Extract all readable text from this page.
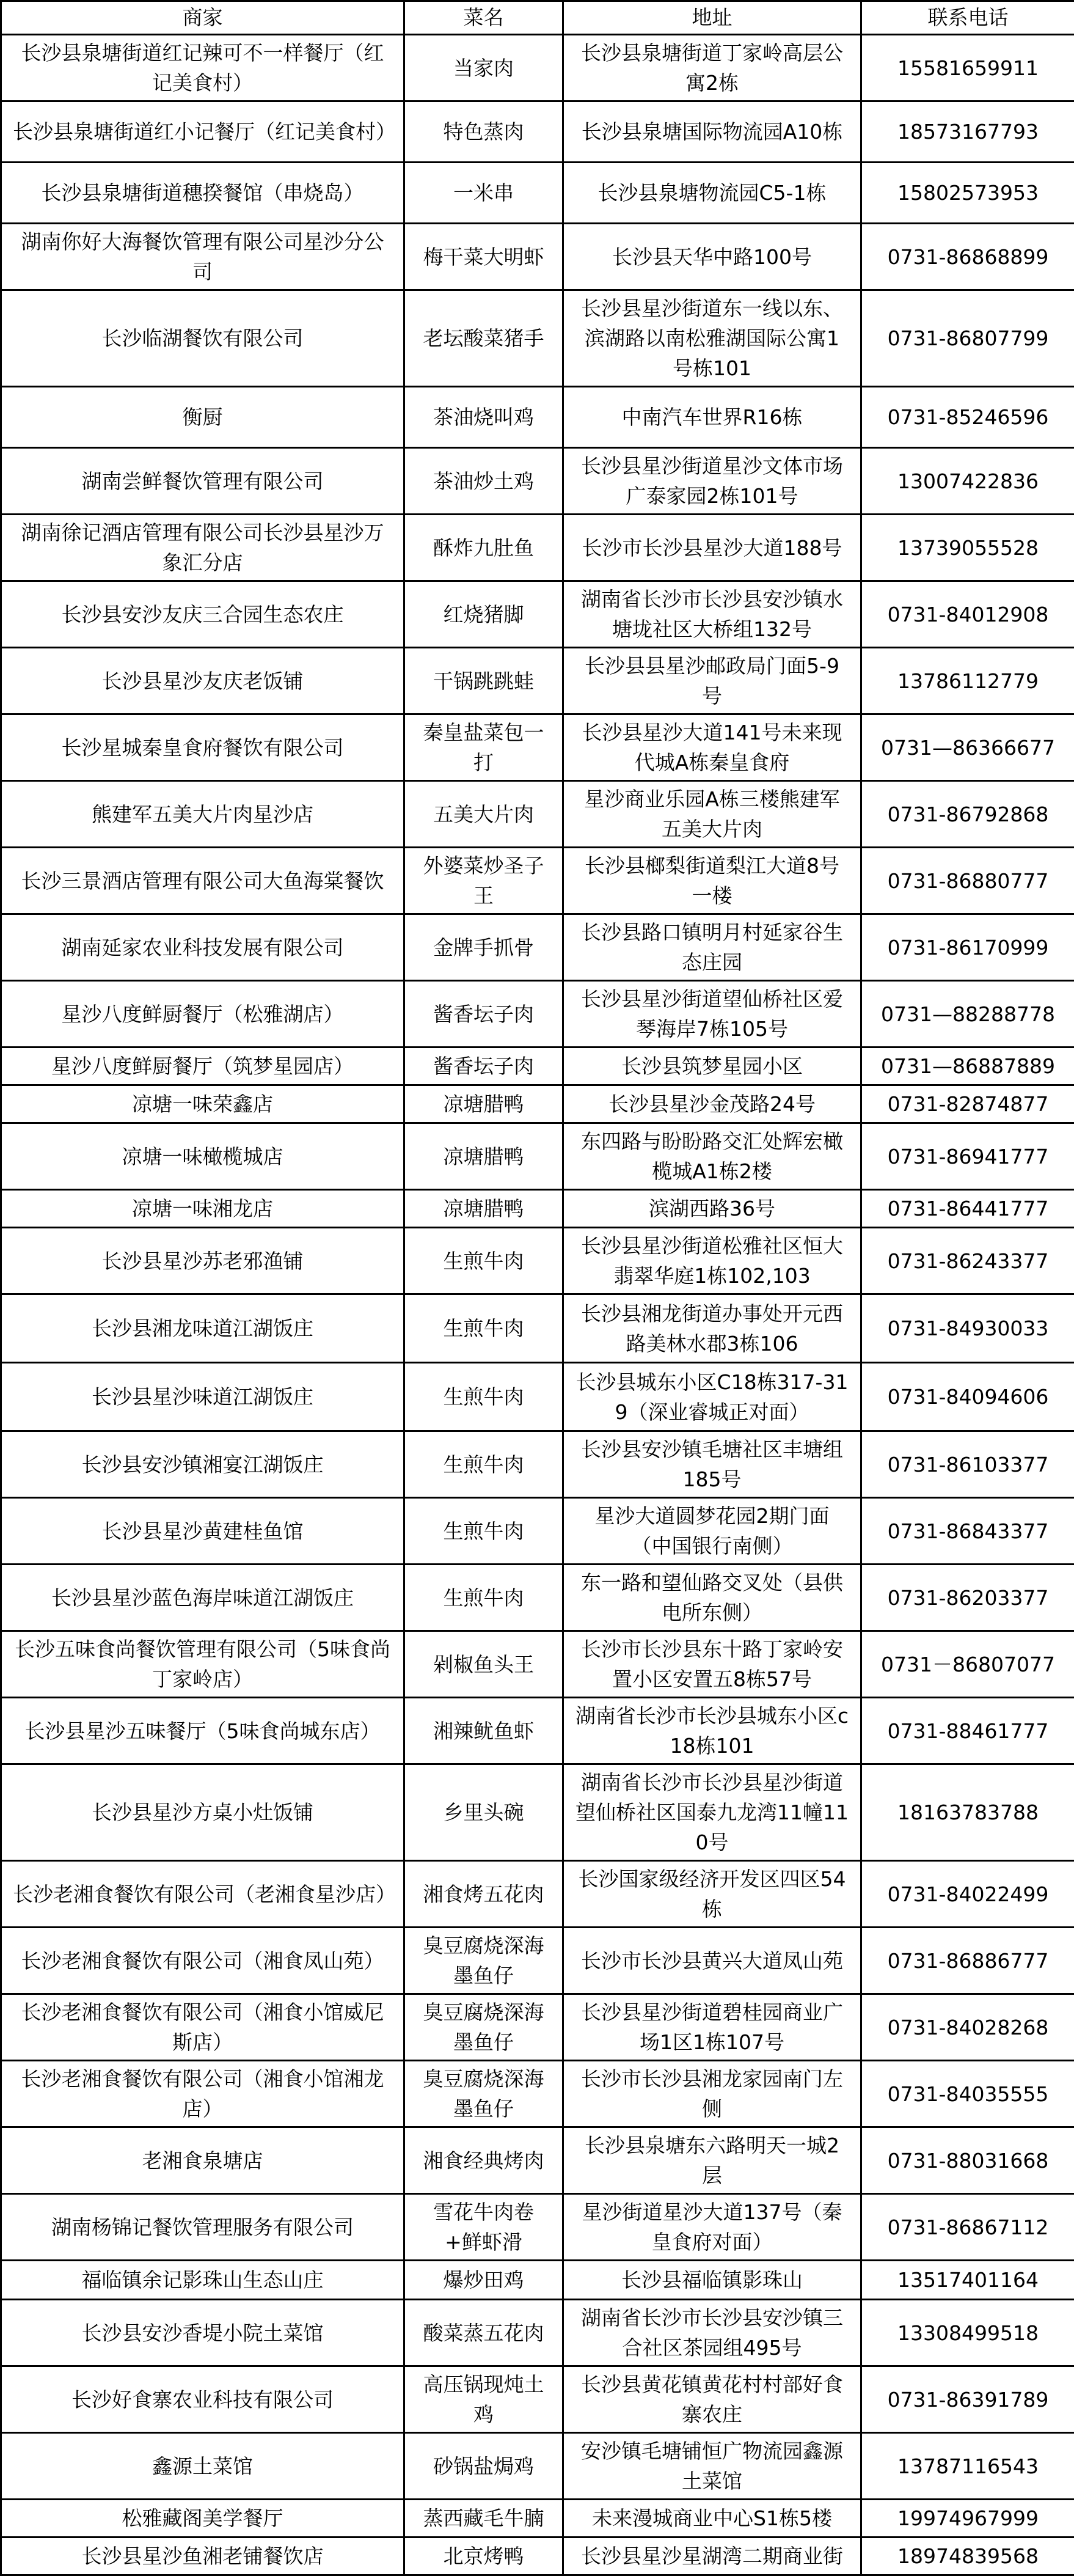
商家	菜名	地址	联系电话
长沙县泉塘街道红记辣可不一样餐厅（红记美食村）	当家肉	长沙县泉塘街道丁家岭高层公寓2栋	15581659911
长沙县泉塘街道红小记餐厅（红记美食村）	特色蒸肉	长沙县泉塘国际物流园A10栋	18573167793
长沙县泉塘街道穗揆餐馆（串烧岛）	一米串	长沙县泉塘物流园C5-1栋	15802573953
湖南你好大海餐饮管理有限公司星沙分公司	梅干菜大明虾	长沙县天华中路100号	0731-86868899
长沙临湖餐饮有限公司	老坛酸菜猪手	长沙县星沙街道东一线以东、滨湖路以南松雅湖国际公寓1号栋101	0731-86807799
衡厨	茶油烧叫鸡	中南汽车世界R16栋	0731-85246596
湖南尝鲜餐饮管理有限公司	茶油炒土鸡	长沙县星沙街道星沙文体市场广泰家园2栋101号	13007422836
湖南徐记酒店管理有限公司长沙县星沙万象汇分店	酥炸九肚鱼	长沙市长沙县星沙大道188号	13739055528
长沙县安沙友庆三合园生态农庄	红烧猪脚	湖南省长沙市长沙县安沙镇水塘垅社区大桥组132号	0731-84012908
长沙县星沙友庆老饭铺	干锅跳跳蛙	长沙县县星沙邮政局门面5-9号	13786112779
长沙星城秦皇食府餐饮有限公司	秦皇盐菜包一打	长沙县星沙大道141号未来现代城A栋秦皇食府	0731—86366677
熊建军五美大片肉星沙店	五美大片肉	星沙商业乐园A栋三楼熊建军五美大片肉	0731-86792868
长沙三景酒店管理有限公司大鱼海棠餐饮	外婆菜炒圣子王	长沙县榔梨街道梨江大道8号一楼	0731-86880777
湖南延家农业科技发展有限公司	金牌手抓骨	长沙县路口镇明月村延家谷生态庄园	0731-86170999
星沙八度鲜厨餐厅（松雅湖店）	酱香坛子肉	长沙县星沙街道望仙桥社区爱琴海岸7栋105号	0731—88288778
星沙八度鲜厨餐厅（筑梦星园店）	酱香坛子肉	长沙县筑梦星园小区	0731—86887889
凉塘一味荣鑫店	凉塘腊鸭	长沙县星沙金茂路24号	0731-82874877
凉塘一味橄榄城店	凉塘腊鸭	东四路与盼盼路交汇处辉宏橄榄城A1栋2楼	0731-86941777
凉塘一味湘龙店	凉塘腊鸭	滨湖西路36号	0731-86441777
长沙县星沙苏老邪渔铺	生煎牛肉	长沙县星沙街道松雅社区恒大翡翠华庭1栋102,103	0731-86243377
长沙县湘龙味道江湖饭庄	生煎牛肉	长沙县湘龙街道办事处开元西路美林水郡3栋106	0731-84930033
长沙县星沙味道江湖饭庄	生煎牛肉	长沙县城东小区C18栋317-319（深业睿城正对面）	0731-84094606
长沙县安沙镇湘宴江湖饭庄	生煎牛肉	长沙县安沙镇毛塘社区丰塘组185号	0731-86103377
长沙县星沙黄建桂鱼馆	生煎牛肉	星沙大道圆梦花园2期门面（中国银行南侧）	0731-86843377
长沙县星沙蓝色海岸味道江湖饭庄	生煎牛肉	东一路和望仙路交叉处（县供电所东侧）	0731-86203377
长沙五味食尚餐饮管理有限公司（5味食尚丁家岭店）	剁椒鱼头王	长沙市长沙县东十路丁家岭安置小区安置五8栋57号	0731－86807077
长沙县星沙五味餐厅（5味食尚城东店）	湘辣鱿鱼虾	湖南省长沙市长沙县城东小区c18栋101	0731-88461777
长沙县星沙方桌小灶饭铺	乡里头碗	湖南省长沙市长沙县星沙街道望仙桥社区国泰九龙湾11幢110号	18163783788
长沙老湘食餐饮有限公司（老湘食星沙店）	湘食烤五花肉	长沙国家级经济开发区四区54栋	0731-84022499
长沙老湘食餐饮有限公司（湘食凤山苑）	臭豆腐烧深海墨鱼仔	长沙市长沙县黄兴大道凤山苑	0731-86886777
长沙老湘食餐饮有限公司（湘食小馆威尼斯店）	臭豆腐烧深海墨鱼仔	长沙县星沙街道碧桂园商业广场1区1栋107号	0731-84028268
长沙老湘食餐饮有限公司（湘食小馆湘龙店）	臭豆腐烧深海墨鱼仔	长沙市长沙县湘龙家园南门左侧	0731-84035555
老湘食泉塘店	湘食经典烤肉	长沙县泉塘东六路明天一城2层	0731-88031668
湖南杨锦记餐饮管理服务有限公司	雪花牛肉卷+鲜虾滑	星沙街道星沙大道137号（秦皇食府对面）	0731-86867112
福临镇余记影珠山生态山庄	爆炒田鸡	长沙县福临镇影珠山	13517401164
长沙县安沙香堤小院土菜馆	酸菜蒸五花肉	湖南省长沙市长沙县安沙镇三合社区茶园组495号	13308499518
长沙好食寨农业科技有限公司	高压锅现炖土鸡	长沙县黄花镇黄花村村部好食寨农庄	0731-86391789
鑫源土菜馆	砂锅盐焗鸡	安沙镇毛塘铺恒广物流园鑫源土菜馆	13787116543
松雅藏阁美学餐厅	蒸西藏毛牛腩	未来漫城商业中心S1栋5楼	19974967999
长沙县星沙鱼湘老铺餐饮店	北京烤鸭	长沙县星沙星湖湾二期商业街	18974839568
